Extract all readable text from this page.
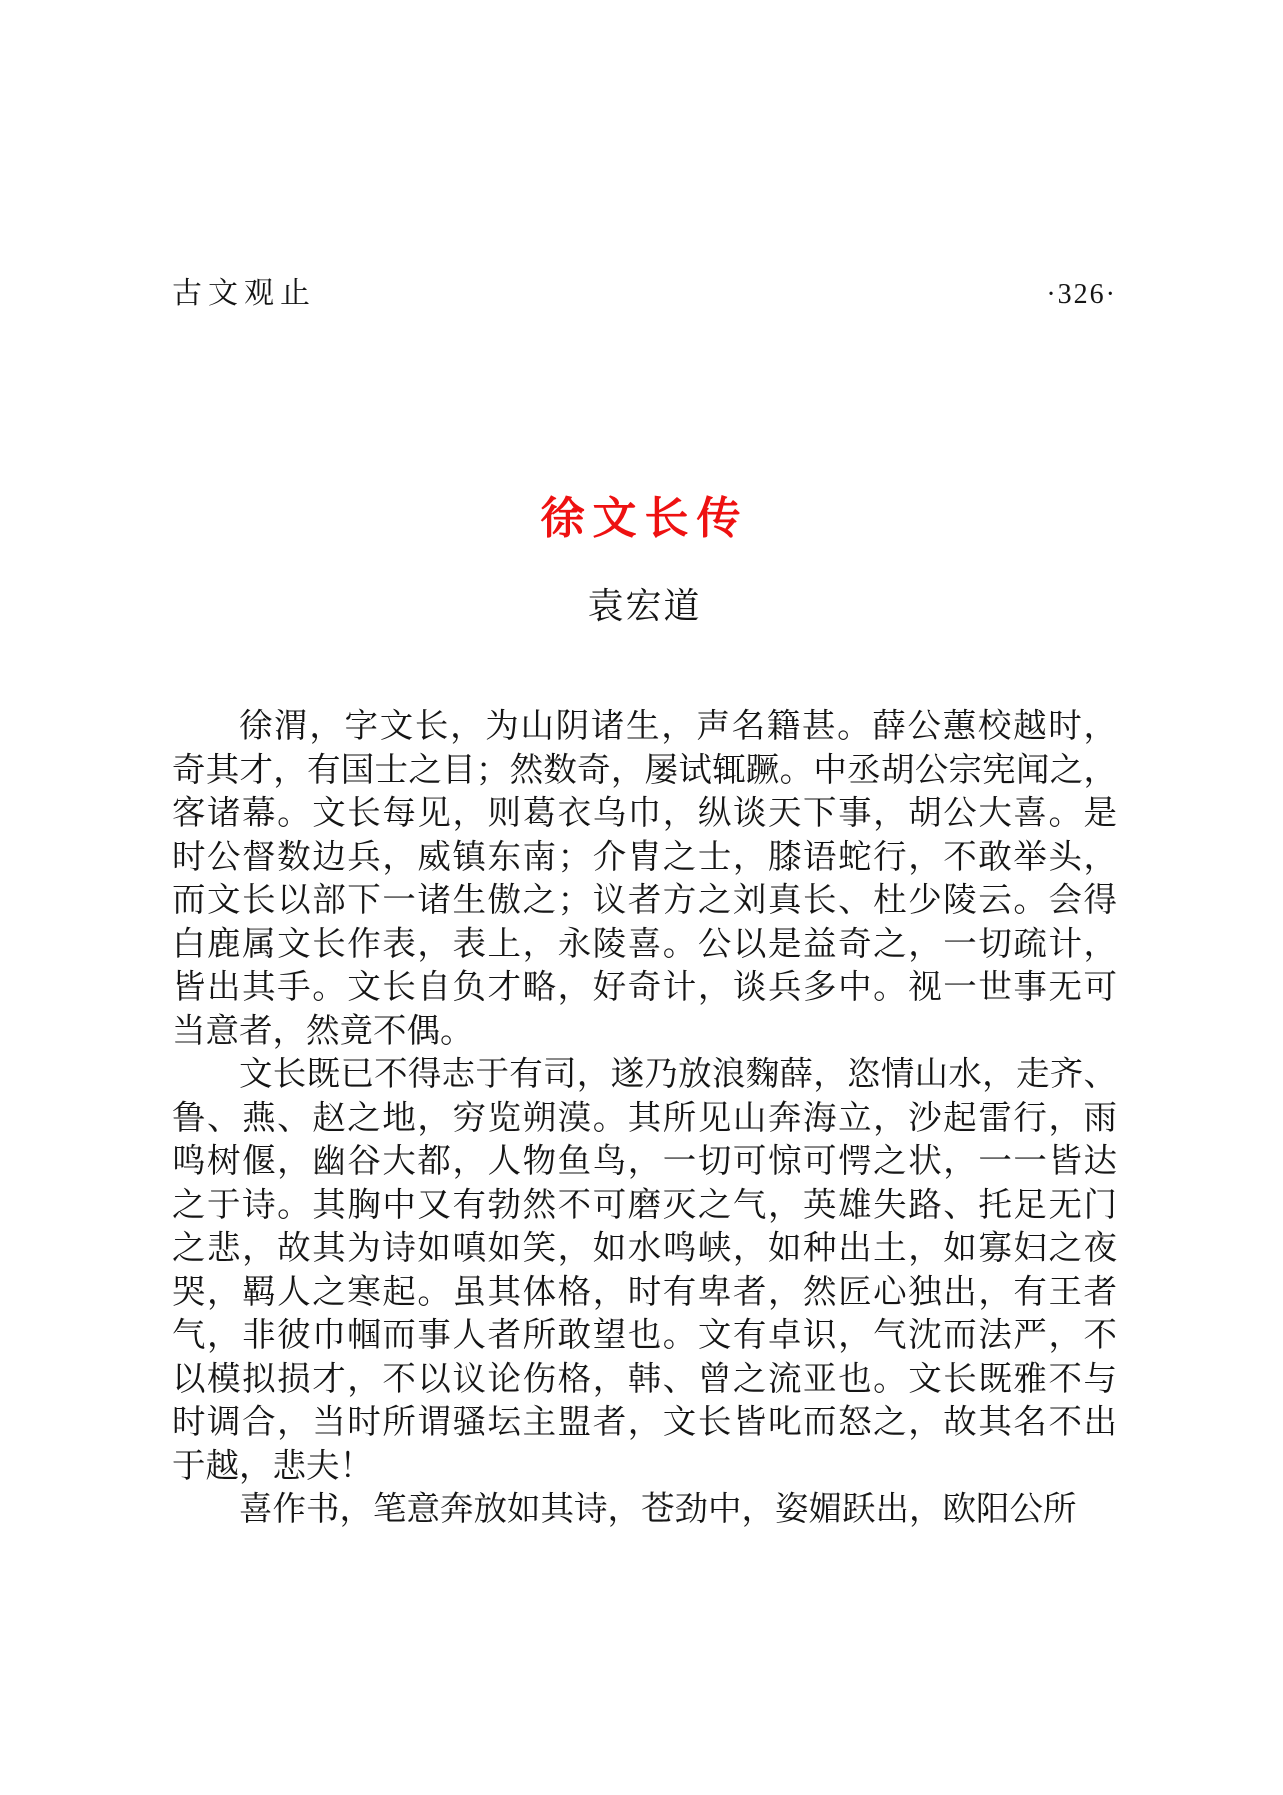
古文观止	·326·
徐文长传
袁宏道
徐渭，字文长，为山阴诸生，声名籍甚。薛公蕙校越时，
奇其才，有国士之目；然数奇，屡试辄蹶。中丞胡公宗宪闻之，
客诸幕。文长每见，则葛衣乌巾，纵谈天下事，胡公大喜。是
时公督数边兵，威镇东南；介胄之士，膝语蛇行，不敢举头，
而文长以部下一诸生傲之；议者方之刘真长、杜少陵云。会得
白鹿属文长作表，表上，永陵喜。公以是益奇之，一切疏计，
皆出其手。文长自负才略，好奇计，谈兵多中。视一世事无可
当意者，然竟不偶。
文长既已不得志于有司，遂乃放浪麴薛，恣情山水，走齐、
鲁、燕、赵之地，穷览朔漠。其所见山奔海立，沙起雷行，雨
鸣树偃，幽谷大都，人物鱼鸟，一切可惊可愕之状，一一皆达
之于诗。其胸中又有勃然不可磨灭之气，英雄失路、托足无门
之悲，故其为诗如嗔如笑，如水鸣峡，如种出土，如寡妇之夜
哭，羁人之寒起。虽其体格，时有卑者，然匠心独出，有王者
气，非彼巾帼而事人者所敢望也。文有卓识，气沈而法严，不
以模拟损才，不以议论伤格，韩、曾之流亚也。文长既雅不与
时调合，当时所谓骚坛主盟者，文长皆叱而怒之，故其名不出
于越，悲夫！
喜作书，笔意奔放如其诗，苍劲中，姿媚跃出，欧阳公所
